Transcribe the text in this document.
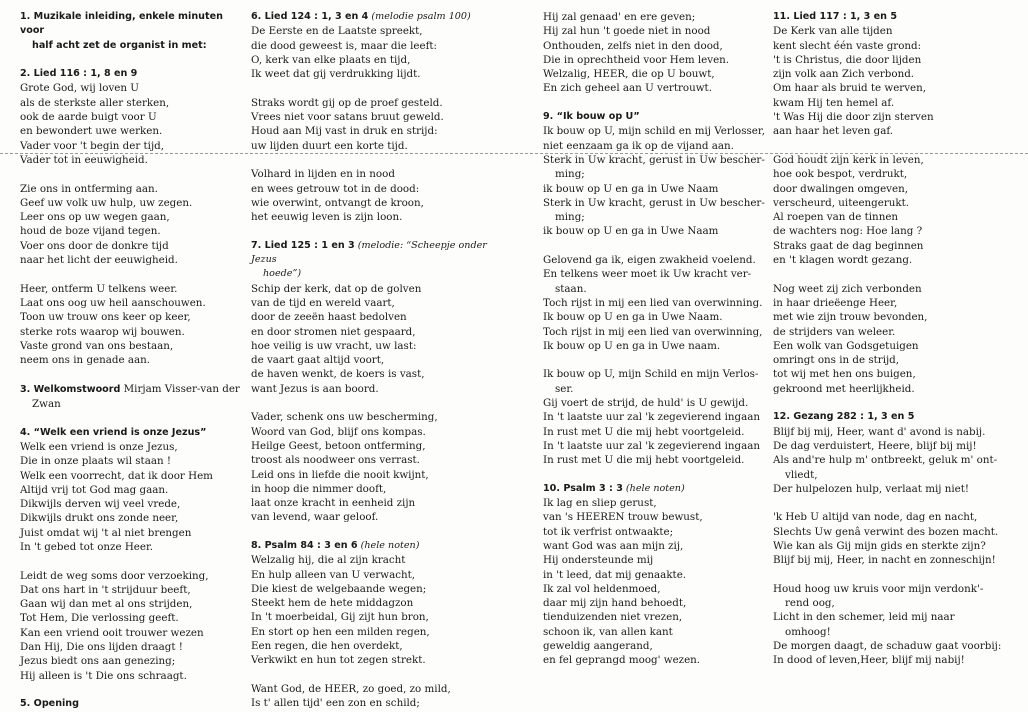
1. Muzikale inleiding, enkele minuten voor
half acht zet de organist in met:
2. Lied 116 : 1, 8 en 9
Grote God, wij loven U
als de sterkste aller sterken,
ook de aarde buigt voor U
en bewondert uwe werken.
Vader voor 't begin der tijd,
Vader tot in eeuwigheid.
Zie ons in ontferming aan.
Geef uw volk uw hulp, uw zegen.
Leer ons op uw wegen gaan,
houd de boze vijand tegen.
Voer ons door de donkre tijd
naar het licht der eeuwigheid.
Heer, ontferm U telkens weer.
Laat ons oog uw heil aanschouwen.
Toon uw trouw ons keer op keer,
sterke rots waarop wij bouwen.
Vaste grond van ons bestaan,
neem ons in genade aan.
3. Welkomstwoord Mirjam Visser-van der
Zwan
4. “Welk een vriend is onze Jezus”
Welk een vriend is onze Jezus,
Die in onze plaats wil staan !
Welk een voorrecht, dat ik door Hem
Altijd vrij tot God mag gaan.
Dikwijls derven wij veel vrede,
Dikwijls drukt ons zonde neer,
Juist omdat wij 't al niet brengen
In 't gebed tot onze Heer.
Leidt de weg soms door verzoeking,
Dat ons hart in 't strijduur beeft,
Gaan wij dan met al ons strijden,
Tot Hem, Die verlossing geeft.
Kan een vriend ooit trouwer wezen
Dan Hij, Die ons lijden draagt !
Jezus biedt ons aan genezing;
Hij alleen is 't Die ons schraagt.
5. Opening
6. Lied 124 : 1, 3 en 4 (melodie psalm 100)
De Eerste en de Laatste spreekt,
die dood geweest is, maar die leeft:
O, kerk van elke plaats en tijd,
Ik weet dat gij verdrukking lijdt.
Straks wordt gij op de proef gesteld.
Vrees niet voor satans bruut geweld.
Houd aan Mij vast in druk en strijd:
uw lijden duurt een korte tijd.
Volhard in lijden en in nood
en wees getrouw tot in de dood:
wie overwint, ontvangt de kroon,
het eeuwig leven is zijn loon.
7. Lied 125 : 1 en 3 (melodie: “Scheepje onder Jezus
hoede”)
Schip der kerk, dat op de golven
van de tijd en wereld vaart,
door de zeeën haast bedolven
en door stromen niet gespaard,
hoe veilig is uw vracht, uw last:
de vaart gaat altijd voort,
de haven wenkt, de koers is vast,
want Jezus is aan boord.
Vader, schenk ons uw bescherming,
Woord van God, blijf ons kompas.
Heilge Geest, betoon ontferming,
troost als noodweer ons verrast.
Leid ons in liefde die nooit kwijnt,
in hoop die nimmer dooft,
laat onze kracht in eenheid zijn
van levend, waar geloof.
8. Psalm 84 : 3 en 6 (hele noten)
Welzalig hij, die al zijn kracht
En hulp alleen van U verwacht,
Die kiest de welgebaande wegen;
Steekt hem de hete middagzon
In 't moerbeidal, Gij zijt hun bron,
En stort op hen een milden regen,
Een regen, die hen overdekt,
Verkwikt en hun tot zegen strekt.
Want God, de HEER, zo goed, zo mild,
Is t' allen tijd' een zon en schild;
Hij zal genaad' en ere geven;
Hij zal hun 't goede niet in nood
Onthouden, zelfs niet in den dood,
Die in oprechtheid voor Hem leven.
Welzalig, HEER, die op U bouwt,
En zich geheel aan U vertrouwt.
9. “Ik bouw op U”
Ik bouw op U, mijn schild en mij Verlosser,
niet eenzaam ga ik op de vijand aan.
Sterk in Uw kracht, gerust in Uw bescher-
ming;
ik bouw op U en ga in Uwe Naam
Sterk in Uw kracht, gerust in Uw bescher-
ming;
ik bouw op U en ga in Uwe Naam
Gelovend ga ik, eigen zwakheid voelend.
En telkens weer moet ik Uw kracht ver-
staan.
Toch rijst in mij een lied van overwinning.
Ik bouw op U en ga in Uwe Naam.
Toch rijst in mij een lied van overwinning,
Ik bouw op U en ga in Uwe naam.
Ik bouw op U, mijn Schild en mijn Verlos-
ser.
Gij voert de strijd, de huld' is U gewijd.
In 't laatste uur zal 'k zegevierend ingaan
In rust met U die mij hebt voortgeleid.
In 't laatste uur zal 'k zegevierend ingaan
In rust met U die mij hebt voortgeleid.
10. Psalm 3 : 3 (hele noten)
Ik lag en sliep gerust,
van 's HEEREN trouw bewust,
tot ik verfrist ontwaakte;
want God was aan mijn zij,
Hij ondersteunde mij
in 't leed, dat mij genaakte.
Ik zal vol heldenmoed,
daar mij zijn hand behoedt,
tienduizenden niet vrezen,
schoon ik, van allen kant
geweldig aangerand,
en fel geprangd moog' wezen.
11. Lied 117 : 1, 3 en 5
De Kerk van alle tijden
kent slecht één vaste grond:
't is Christus, die door lijden
zijn volk aan Zich verbond.
Om haar als bruid te werven,
kwam Hij ten hemel af.
't Was Hij die door zijn sterven
aan haar het leven gaf.
God houdt zijn kerk in leven,
hoe ook bespot, verdrukt,
door dwalingen omgeven,
verscheurd, uiteengerukt.
Al roepen van de tinnen
de wachters nog: Hoe lang ?
Straks gaat de dag beginnen
en 't klagen wordt gezang.
Nog weet zij zich verbonden
in haar drieëenge Heer,
met wie zijn trouw bevonden,
de strijders van weleer.
Een wolk van Godsgetuigen
omringt ons in de strijd,
tot wij met hen ons buigen,
gekroond met heerlijkheid.
12. Gezang 282 : 1, 3 en 5
Blijf bij mij, Heer, want d' avond is nabij.
De dag verduistert, Heere, blijf bij mij!
Als and're hulp m' ontbreekt, geluk m' ont-
vliedt,
Der hulpelozen hulp, verlaat mij niet!
'k Heb U altijd van node, dag en nacht,
Slechts Uw genâ verwint des bozen macht.
Wie kan als Gij mijn gids en sterkte zijn?
Blijf bij mij, Heer, in nacht en zonneschijn!
Houd hoog uw kruis voor mijn verdonk'-
rend oog,
Licht in den schemer, leid mij naar
omhoog!
De morgen daagt, de schaduw gaat voorbij:
In dood of leven,Heer, blijf mij nabij!
